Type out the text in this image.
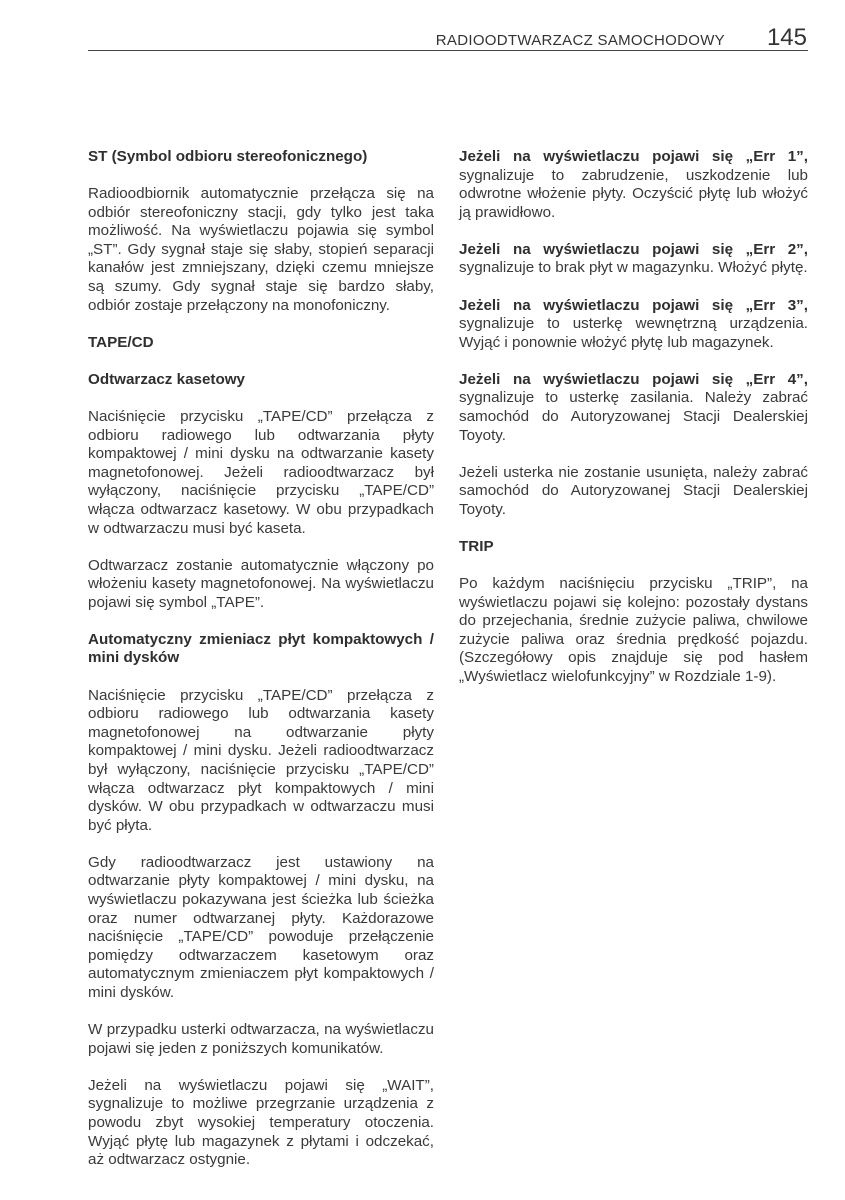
RADIOODTWARZACZ SAMOCHODOWY 145

ST (Symbol odbioru stereofonicznego)

Radioodbiornik automatycznie przełącza się na odbiór stereofoniczny stacji, gdy tylko jest taka możliwość. Na wyświetlaczu pojawia się symbol „ST”. Gdy sygnał staje się słaby, stopień separacji kanałów jest zmniejszany, dzięki czemu mniejsze są szumy. Gdy sygnał staje się bardzo słaby, odbiór zostaje przełączony na monofoniczny.

TAPE/CD

Odtwarzacz kasetowy

Naciśnięcie przycisku „TAPE/CD” przełącza z odbioru radiowego lub odtwarzania płyty kompaktowej / mini dysku na odtwarzanie kasety magnetofonowej. Jeżeli radioodtwarzacz był wyłączony, naciśnięcie przycisku „TAPE/CD” włącza odtwarzacz kasetowy. W obu przypadkach w odtwarzaczu musi być kaseta.

Odtwarzacz zostanie automatycznie włączony po włożeniu kasety magnetofonowej. Na wyświetlaczu pojawi się symbol „TAPE”.

Automatyczny zmieniacz płyt kompaktowych / mini dysków

Naciśnięcie przycisku „TAPE/CD” przełącza z odbioru radiowego lub odtwarzania kasety magnetofonowej na odtwarzanie płyty kompaktowej / mini dysku. Jeżeli radioodtwarzacz był wyłączony, naciśnięcie przycisku „TAPE/CD” włącza odtwarzacz płyt kompaktowych / mini dysków. W obu przypadkach w odtwarzaczu musi być płyta.

Gdy radioodtwarzacz jest ustawiony na odtwarzanie płyty kompaktowej / mini dysku, na wyświetlaczu pokazywana jest ścieżka lub ścieżka oraz numer odtwarzanej płyty. Każdorazowe naciśnięcie „TAPE/CD” powoduje przełączenie pomiędzy odtwarzaczem kasetowym oraz automatycznym zmieniaczem płyt kompaktowych / mini dysków.

W przypadku usterki odtwarzacza, na wyświetlaczu pojawi się jeden z poniższych komunikatów.

Jeżeli na wyświetlaczu pojawi się „WAIT”, sygnalizuje to możliwe przegrzanie urządzenia z powodu zbyt wysokiej temperatury otoczenia. Wyjąć płytę lub magazynek z płytami i odczekać, aż odtwarzacz ostygnie.

Jeżeli na wyświetlaczu pojawi się „Err 1”, sygnalizuje to zabrudzenie, uszkodzenie lub odwrotne włożenie płyty. Oczyścić płytę lub włożyć ją prawidłowo.

Jeżeli na wyświetlaczu pojawi się „Err 2”, sygnalizuje to brak płyt w magazynku. Włożyć płytę.

Jeżeli na wyświetlaczu pojawi się „Err 3”, sygnalizuje to usterkę wewnętrzną urządzenia. Wyjąć i ponownie włożyć płytę lub magazynek.

Jeżeli na wyświetlaczu pojawi się „Err 4”, sygnalizuje to usterkę zasilania. Należy zabrać samochód do Autoryzowanej Stacji Dealerskiej Toyoty.

Jeżeli usterka nie zostanie usunięta, należy zabrać samochód do Autoryzowanej Stacji Dealerskiej Toyoty.

TRIP

Po każdym naciśnięciu przycisku „TRIP”, na wyświetlaczu pojawi się kolejno: pozostały dystans do przejechania, średnie zużycie paliwa, chwilowe zużycie paliwa oraz średnia prędkość pojazdu. (Szczegółowy opis znajduje się pod hasłem „Wyświetlacz wielofunkcyjny” w Rozdziale 1-9).
